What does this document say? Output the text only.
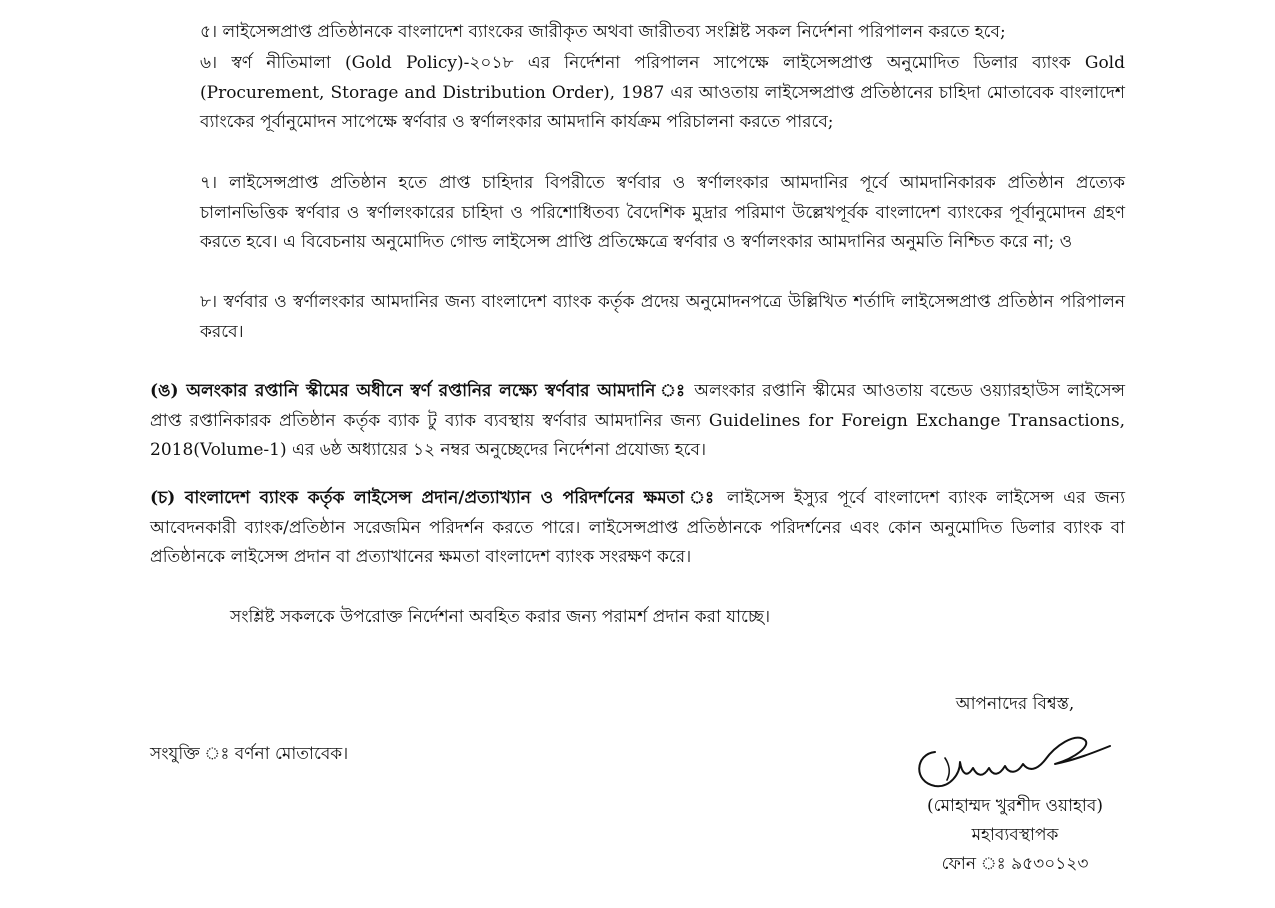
৫। লাইসেন্সপ্রাপ্ত প্রতিষ্ঠানকে বাংলাদেশ ব্যাংকের জারীকৃত অথবা জারীতব্য সংশ্লিষ্ট সকল নির্দেশনা পরিপালন করতে হবে;
৬। স্বর্ণ নীতিমালা (Gold Policy)-২০১৮ এর নির্দেশনা পরিপালন সাপেক্ষে লাইসেন্সপ্রাপ্ত অনুমোদিত ডিলার ব্যাংক Gold (Procurement, Storage and Distribution Order), 1987 এর আওতায় লাইসেন্সপ্রাপ্ত প্রতিষ্ঠানের চাহিদা মোতাবেক বাংলাদেশ ব্যাংকের পূর্বানুমোদন সাপেক্ষে স্বর্ণবার ও স্বর্ণালংকার আমদানি কার্যক্রম পরিচালনা করতে পারবে;
৭। লাইসেন্সপ্রাপ্ত প্রতিষ্ঠান হতে প্রাপ্ত চাহিদার বিপরীতে স্বর্ণবার ও স্বর্ণালংকার আমদানির পূর্বে আমদানিকারক প্রতিষ্ঠান প্রত্যেক চালানভিত্তিক স্বর্ণবার ও স্বর্ণালংকারের চাহিদা ও পরিশোধিতব্য বৈদেশিক মুদ্রার পরিমাণ উল্লেখপূর্বক বাংলাদেশ ব্যাংকের পূর্বানুমোদন গ্রহণ করতে হবে। এ বিবেচনায় অনুমোদিত গোল্ড লাইসেন্স প্রাপ্তি প্রতিক্ষেত্রে স্বর্ণবার ও স্বর্ণালংকার আমদানির অনুমতি নিশ্চিত করে না; ও
৮। স্বর্ণবার ও স্বর্ণালংকার আমদানির জন্য বাংলাদেশ ব্যাংক কর্তৃক প্রদেয় অনুমোদনপত্রে উল্লিখিত শর্তাদি লাইসেন্সপ্রাপ্ত প্রতিষ্ঠান পরিপালন করবে।
(ঙ) অলংকার রপ্তানি স্কীমের অধীনে স্বর্ণ রপ্তানির লক্ষ্যে স্বর্ণবার আমদানি ঃ অলংকার রপ্তানি স্কীমের আওতায় বন্ডেড ওয়্যারহাউস লাইসেন্স প্রাপ্ত রপ্তানিকারক প্রতিষ্ঠান কর্তৃক ব্যাক টু ব্যাক ব্যবস্থায় স্বর্ণবার আমদানির জন্য Guidelines for Foreign Exchange Transactions, 2018(Volume-1) এর ৬ষ্ঠ অধ্যায়ের ১২ নম্বর অনুচ্ছেদের নির্দেশনা প্রযোজ্য হবে।
(চ) বাংলাদেশ ব্যাংক কর্তৃক লাইসেন্স প্রদান/প্রত্যাখ্যান ও পরিদর্শনের ক্ষমতা ঃ লাইসেন্স ইস্যুর পূর্বে বাংলাদেশ ব্যাংক লাইসেন্স এর জন্য আবেদনকারী ব্যাংক/প্রতিষ্ঠান সরেজমিন পরিদর্শন করতে পারে। লাইসেন্সপ্রাপ্ত প্রতিষ্ঠানকে পরিদর্শনের এবং কোন অনুমোদিত ডিলার ব্যাংক বা প্রতিষ্ঠানকে লাইসেন্স প্রদান বা প্রত্যাখানের ক্ষমতা বাংলাদেশ ব্যাংক সংরক্ষণ করে।
সংশ্লিষ্ট সকলকে উপরোক্ত নির্দেশনা অবহিত করার জন্য পরামর্শ প্রদান করা যাচ্ছে।
সংযুক্তি ঃ বর্ণনা মোতাবেক।
আপনাদের বিশ্বস্ত,
(মোহাম্মদ খুরশীদ ওয়াহাব)
মহাব্যবস্থাপক
ফোন ঃ ৯৫৩০১২৩
